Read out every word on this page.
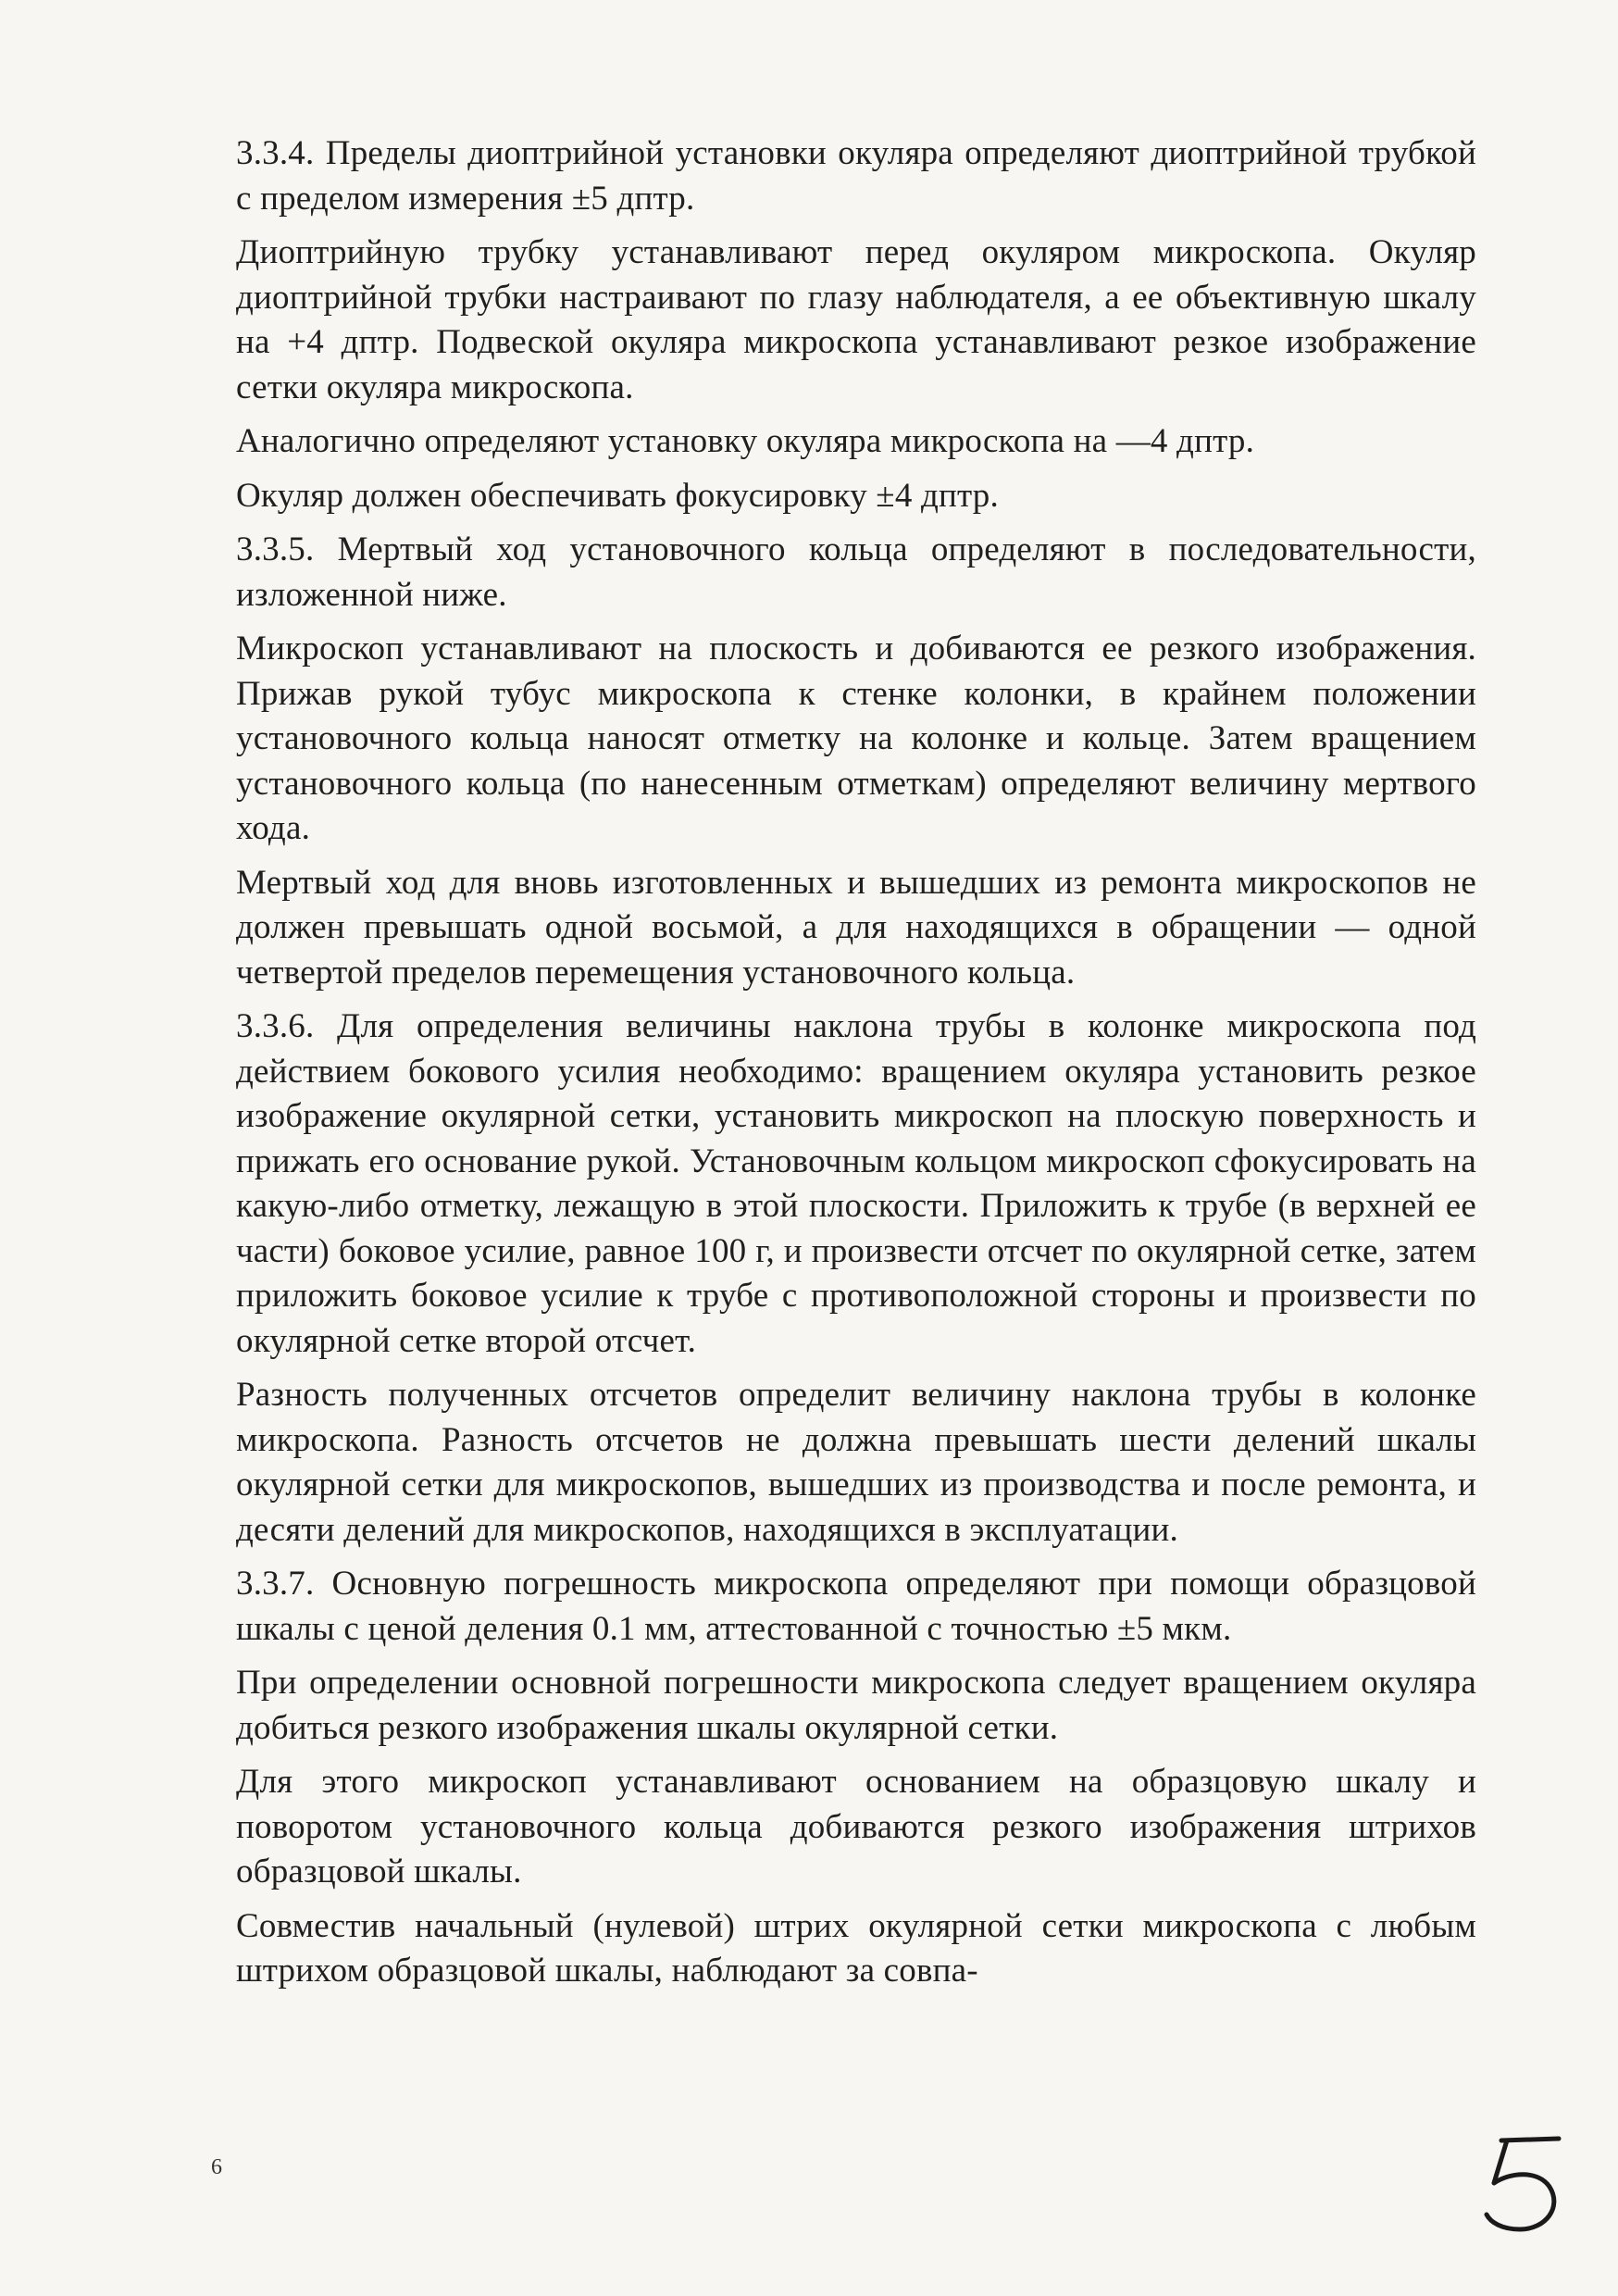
3.3.4. Пределы диоптрийной установки окуляра определяют диоптрийной трубкой с пределом измерения ±5 дптр.

Диоптрийную трубку устанавливают перед окуляром микроскопа. Окуляр диоптрийной трубки настраивают по глазу наблюдателя, а ее объективную шкалу на +4 дптр. Подвеской окуляра микроскопа устанавливают резкое изображение сетки окуляра микроскопа.

Аналогично определяют установку окуляра микроскопа на —4 дптр.

Окуляр должен обеспечивать фокусировку ±4 дптр.

3.3.5. Мертвый ход установочного кольца определяют в последовательности, изложенной ниже.

Микроскоп устанавливают на плоскость и добиваются ее резкого изображения. Прижав рукой тубус микроскопа к стенке колонки, в крайнем положении установочного кольца наносят отметку на колонке и кольце. Затем вращением установочного кольца (по нанесенным отметкам) определяют величину мертвого хода.

Мертвый ход для вновь изготовленных и вышедших из ремонта микроскопов не должен превышать одной восьмой, а для находящихся в обращении — одной четвертой пределов перемещения установочного кольца.

3.3.6. Для определения величины наклона трубы в колонке микроскопа под действием бокового усилия необходимо: вращением окуляра установить резкое изображение окулярной сетки, установить микроскоп на плоскую поверхность и прижать его основание рукой. Установочным кольцом микроскоп сфокусировать на какую-либо отметку, лежащую в этой плоскости. Приложить к трубе (в верхней ее части) боковое усилие, равное 100 г, и произвести отсчет по окулярной сетке, затем приложить боковое усилие к трубе с противоположной стороны и произвести по окулярной сетке второй отсчет.

Разность полученных отсчетов определит величину наклона трубы в колонке микроскопа. Разность отсчетов не должна превышать шести делений шкалы окулярной сетки для микроскопов, вышедших из производства и после ремонта, и десяти делений для микроскопов, находящихся в эксплуатации.

3.3.7. Основную погрешность микроскопа определяют при помощи образцовой шкалы с ценой деления 0.1 мм, аттестованной с точностью ±5 мкм.

При определении основной погрешности микроскопа следует вращением окуляра добиться резкого изображения шкалы окулярной сетки.

Для этого микроскоп устанавливают основанием на образцовую шкалу и поворотом установочного кольца добиваются резкого изображения штрихов образцовой шкалы.

Совместив начальный (нулевой) штрих окулярной сетки микроскопа с любым штрихом образцовой шкалы, наблюдают за совпа-

6
